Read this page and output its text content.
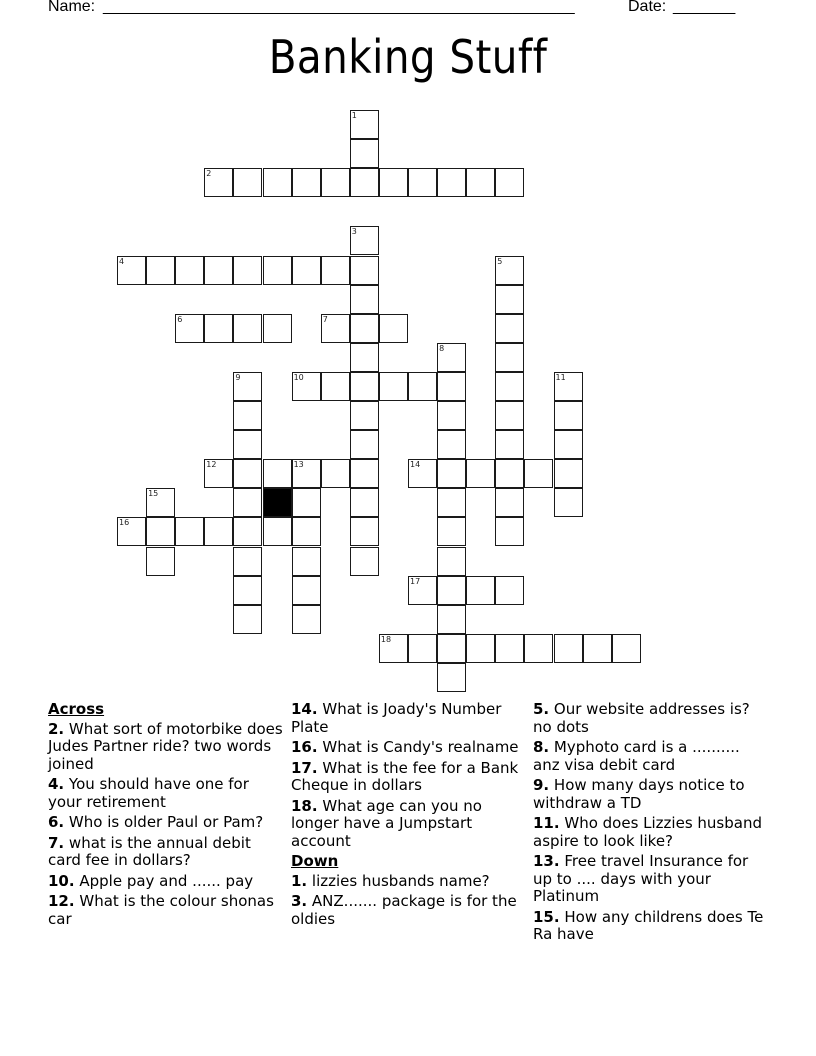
Name: _____________________________________________________	Date: _______
Banking Stuff
1
2
3
4	5
6	7
8
9	10	11
12	13	14
15
16
17
18
Across
2. What sort of motorbike does Judes Partner ride? two words joined
4. You should have one for your retirement
6. Who is older Paul or Pam?
7. what is the annual debit card fee in dollars?
10. Apple pay and ...... pay
12. What is the colour shonas car
14. What is Joady's Number Plate
16. What is Candy's realname
17. What is the fee for a Bank Cheque in dollars
18. What age can you no longer have a Jumpstart account
Down
1. lizzies husbands name?
3. ANZ....... package is for the oldies
5. Our website addresses is? no dots
8. Myphoto card is a .......... anz visa debit card
9. How many days notice to withdraw a TD
11. Who does Lizzies husband aspire to look like?
13. Free travel Insurance for up to .... days with your Platinum
15. How any childrens does Te Ra have
